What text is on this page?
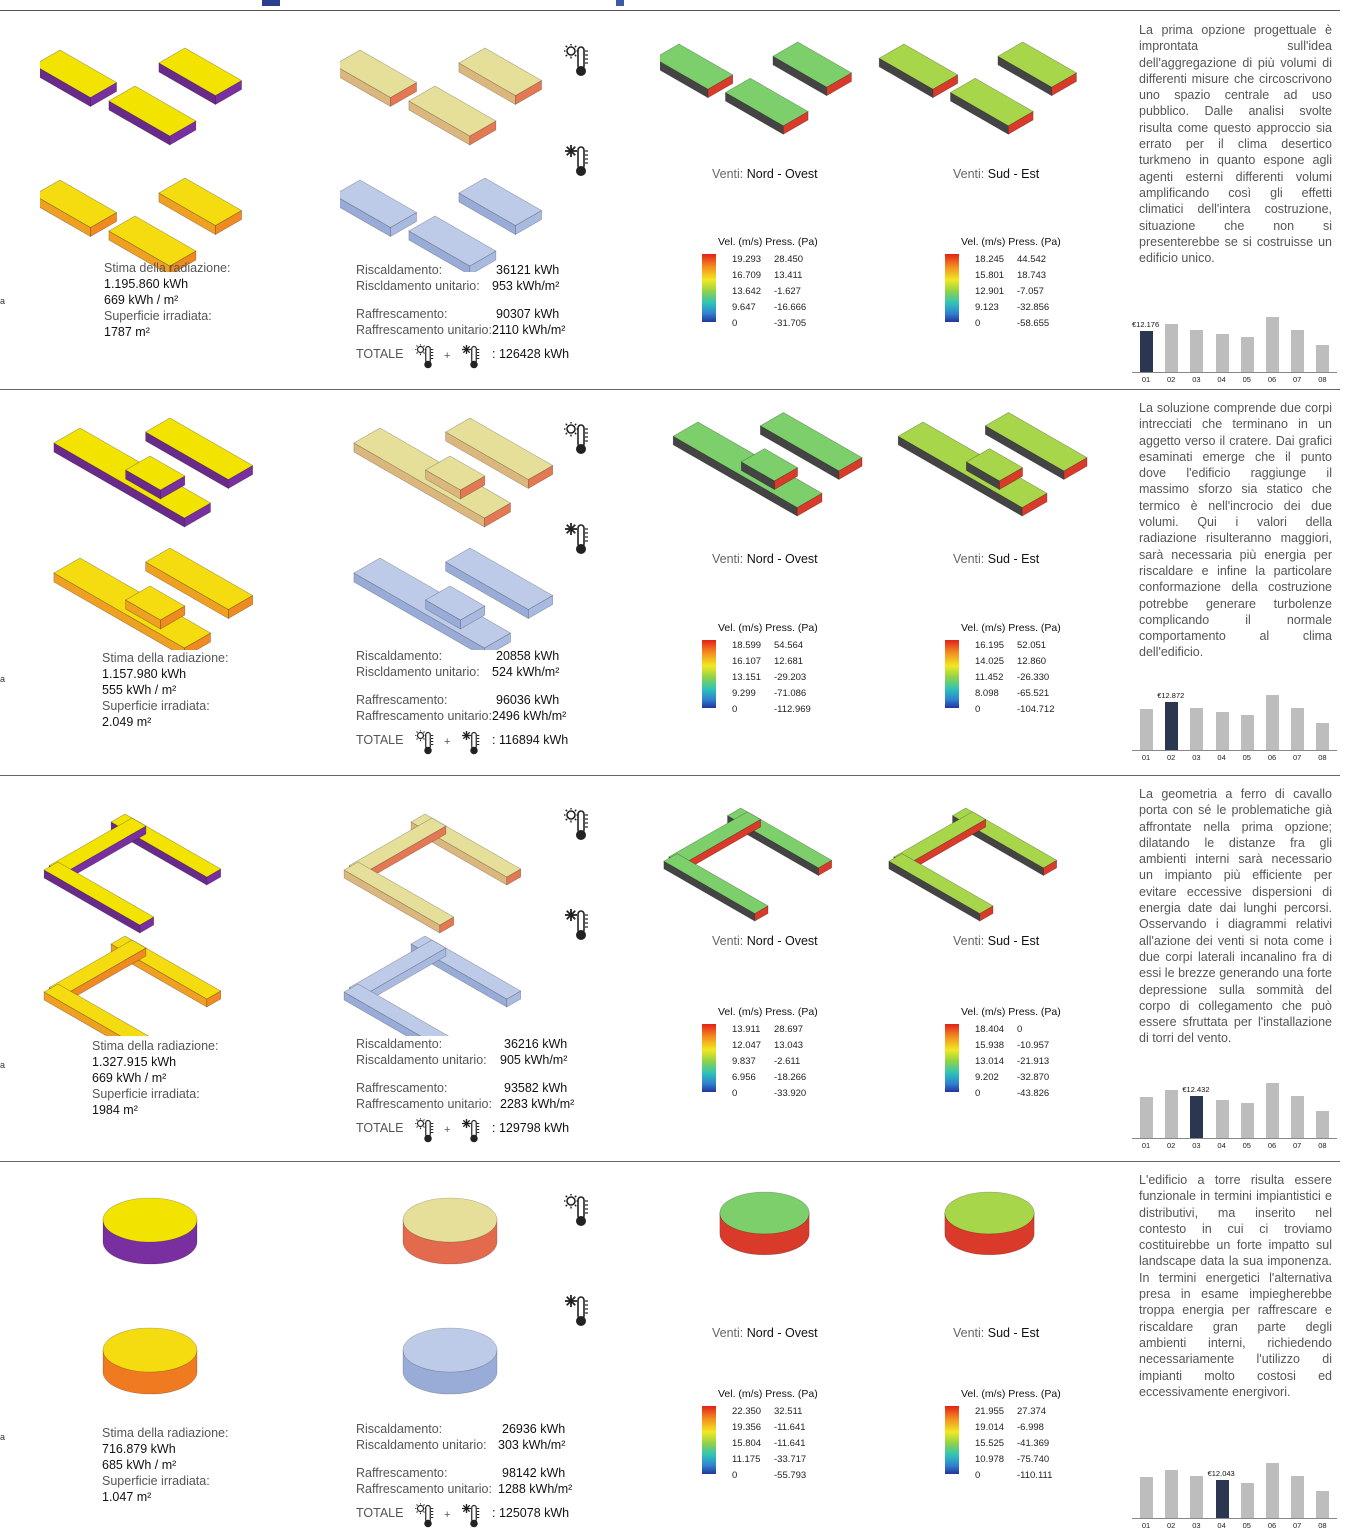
a
Stima della radiazione:
1.195.860 kWh
669 kWh / m²
Superficie irradiata:
1787 m²
Riscaldamento:	36121 kWh
Riscldamento unitario: 953 kWh/m²
Raffrescamento:	90307 kWh
Raffrescamento unitario: 2110 kWh/m²
TOTALE	: 126428 kWh
+
Venti: Nord - Ovest
Vel. (m/s) Press. (Pa)
19.293 28.450
16.709 13.411
13.642 -1.627
9.647 -16.666
0	-31.705
Venti: Sud - Est
Vel. (m/s) Press. (Pa)
18.245 44.542
15.801 18.743
12.901 -7.057
9.123 -32.856
0	-58.655
La prima opzione progettuale è improntata sull'idea dell'aggregazione di più volumi di differenti misure che circoscrivono uno spazio centrale ad uso pubblico. Dalle analisi svolte risulta come questo approccio sia errato per il clima desertico turkmeno in quanto espone agli agenti esterni differenti volumi amplificando così gli effetti climatici dell'intera costruzione, situazione che non si presenterebbe se si costruisse un edificio unico.
01
€12.176
02	03	04	05	06	07	08
a
Stima della radiazione:
1.157.980 kWh
555 kWh / m²
Superficie irradiata:
2.049 m²
Riscaldamento:	20858 kWh
Riscldamento unitario: 524 kWh/m²
Raffrescamento:	96036 kWh
Raffrescamento unitario: 2496 kWh/m²
TOTALE	: 116894 kWh
+
Venti: Nord - Ovest
Vel. (m/s) Press. (Pa)
18.599 54.564
16.107 12.681
13.151 -29.203
9.299 -71.086
0	-112.969
Venti: Sud - Est
Vel. (m/s) Press. (Pa)
16.195 52.051
14.025 12.860
11.452 -26.330
8.098 -65.521
0	-104.712
La soluzione comprende due corpi intrecciati che terminano in un aggetto verso il cratere. Dai grafici esaminati emerge che il punto dove l'edificio raggiunge il massimo sforzo sia statico che termico è nell'incrocio dei due volumi. Qui i valori della radiazione risulteranno maggiori, sarà necessaria più energia per riscaldare e infine la particolare conformazione della costruzione potrebbe generare turbolenze complicando il normale comportamento al clima dell'edificio.
01	02
€12.872
03	04	05	06	07	08
a
Stima della radiazione:
1.327.915 kWh
669 kWh / m²
Superficie irradiata:
1984 m²
Riscaldamento:	36216 kWh
Riscaldamento unitario: 905 kWh/m²
Raffrescamento:	93582 kWh
Raffrescamento unitario: 2283 kWh/m²
TOTALE	: 129798 kWh
+
Venti: Nord - Ovest
Vel. (m/s) Press. (Pa)
13.911 28.697
12.047 13.043
9.837 -2.611
6.956 -18.266
0	-33.920
Venti: Sud - Est
Vel. (m/s) Press. (Pa)
18.404 0
15.938 -10.957
13.014 -21.913
9.202 -32.870
0	-43.826
La geometria a ferro di cavallo porta con sé le problematiche già affrontate nella prima opzione; dilatando le distanze fra gli ambienti interni sarà necessario un impianto più efficiente per evitare eccessive dispersioni di energia date dai lunghi percorsi. Osservando i diagrammi relativi all'azione dei venti si nota come i due corpi laterali incanalino fra di essi le brezze generando una forte depressione sulla sommità del corpo di collegamento che può essere sfruttata per l'installazione di torri del vento.
01	02	03
€12.432
04	05	06	07	08
a	Stima della radiazione:
716.879 kWh
685 kWh / m²
Superficie irradiata:
1.047 m²
Riscaldamento:	26936 kWh
Riscaldamento unitario: 303 kWh/m²
Raffrescamento:	98142 kWh
Raffrescamento unitario: 1288 kWh/m²
TOTALE	: 125078 kWh
+
Venti: Nord - Ovest
Vel. (m/s) Press. (Pa)
22.350 32.511
19.356 -11.641
15.804 -11.641
11.175 -33.717
0	-55.793
Venti: Sud - Est
Vel. (m/s) Press. (Pa)
21.955 27.374
19.014 -6.998
15.525 -41.369
10.978 -75.740
0	-110.111
L'edificio a torre risulta essere funzionale in termini impiantistici e distributivi, ma inserito nel contesto in cui ci troviamo costituirebbe un forte impatto sul landscape data la sua imponenza. In termini energetici l'alternativa presa in esame impiegherebbe troppa energia per raffrescare e riscaldare gran parte degli ambienti interni, richiedendo necessariamente l'utilizzo di impianti molto costosi ed eccessivamente energivori.
01	02	03	04
€12.043
05	06	07	08
